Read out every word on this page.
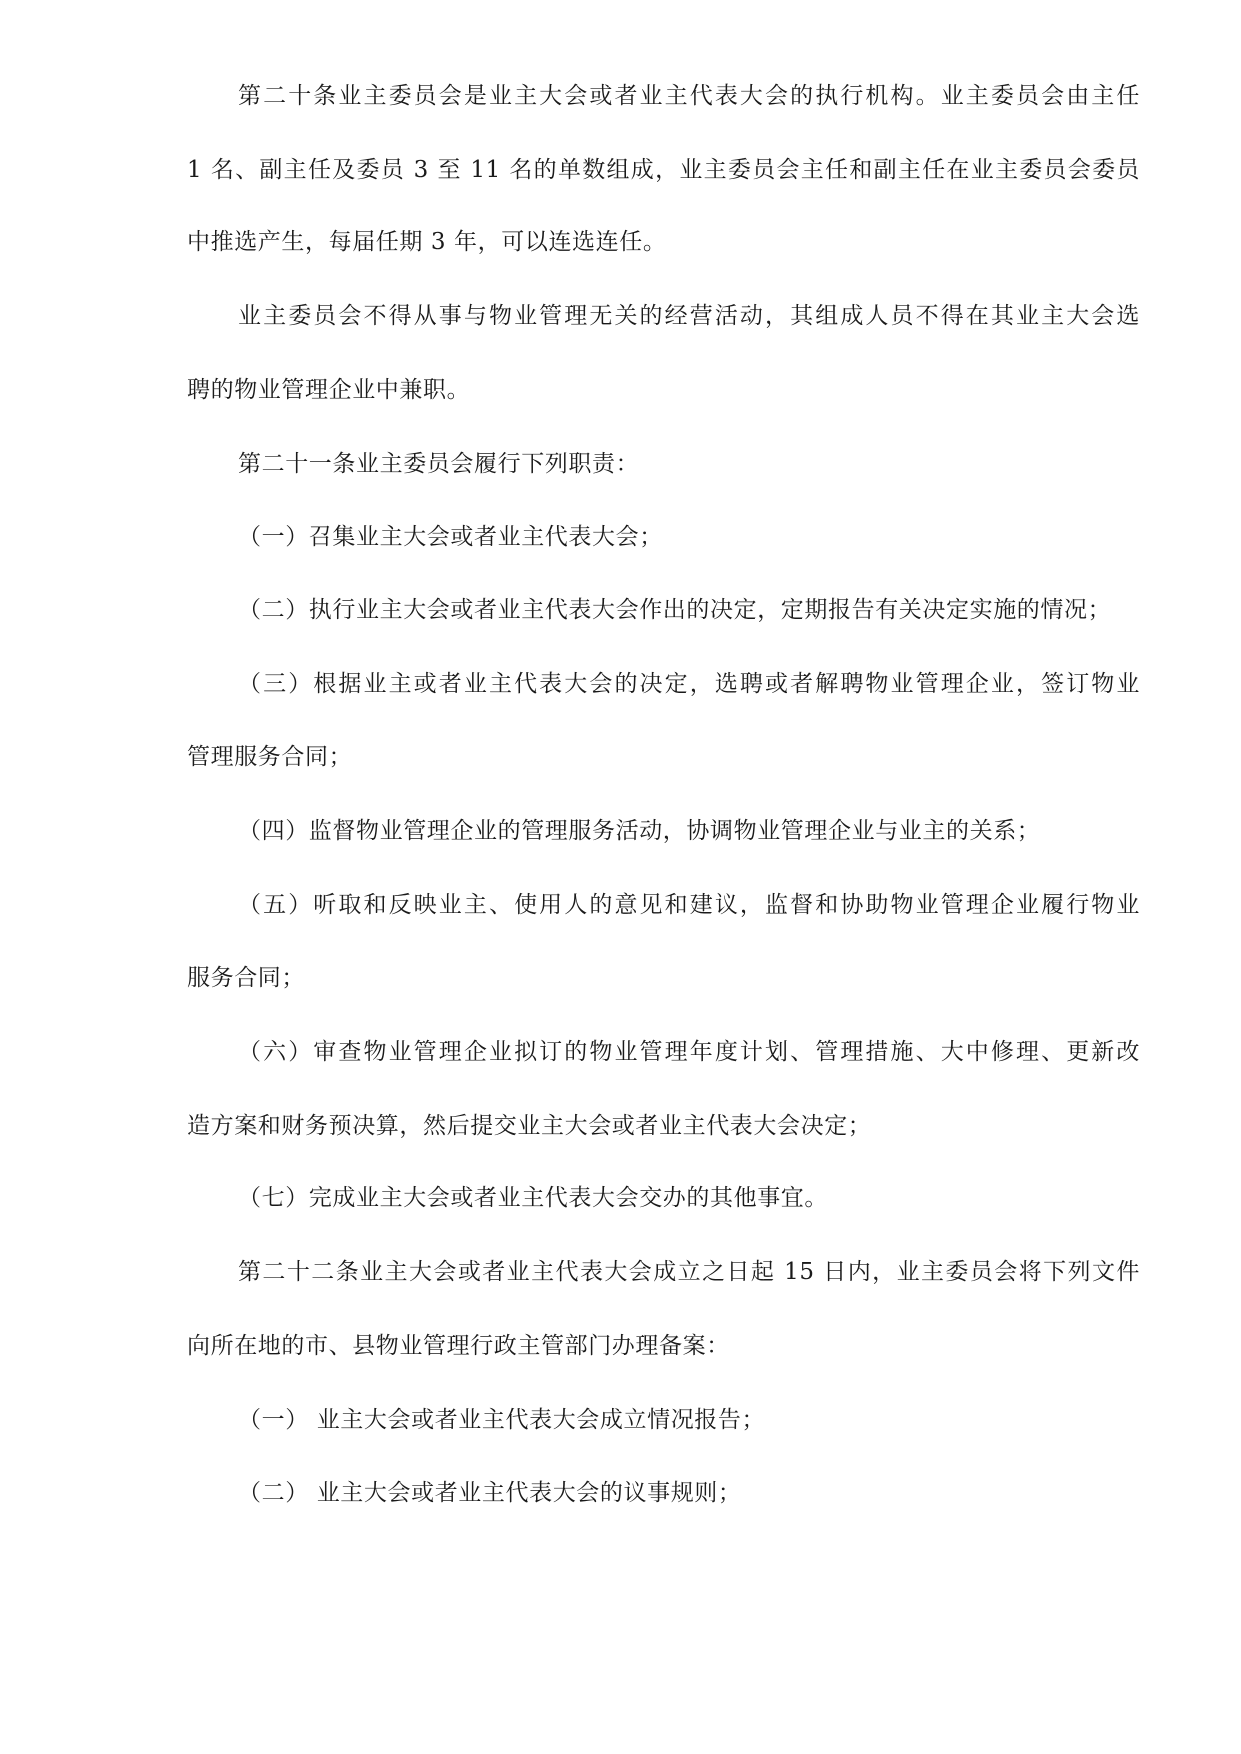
第二十条业主委员会是业主大会或者业主代表大会的执行机构。业主委员会由主任
1 名、副主任及委员 3 至 11 名的单数组成，业主委员会主任和副主任在业主委员会委员
中推选产生，每届任期 3 年，可以连选连任。
业主委员会不得从事与物业管理无关的经营活动，其组成人员不得在其业主大会选
聘的物业管理企业中兼职。
第二十一条业主委员会履行下列职责：
（一）召集业主大会或者业主代表大会；
（二）执行业主大会或者业主代表大会作出的决定，定期报告有关决定实施的情况；
（三）根据业主或者业主代表大会的决定，选聘或者解聘物业管理企业，签订物业
管理服务合同；
（四）监督物业管理企业的管理服务活动，协调物业管理企业与业主的关系；
（五）听取和反映业主、使用人的意见和建议，监督和协助物业管理企业履行物业
服务合同；
（六）审查物业管理企业拟订的物业管理年度计划、管理措施、大中修理、更新改
造方案和财务预决算，然后提交业主大会或者业主代表大会决定；
（七）完成业主大会或者业主代表大会交办的其他事宜。
第二十二条业主大会或者业主代表大会成立之日起 15 日内，业主委员会将下列文件
向所在地的市、县物业管理行政主管部门办理备案：
（一） 业主大会或者业主代表大会成立情况报告；
（二） 业主大会或者业主代表大会的议事规则；
